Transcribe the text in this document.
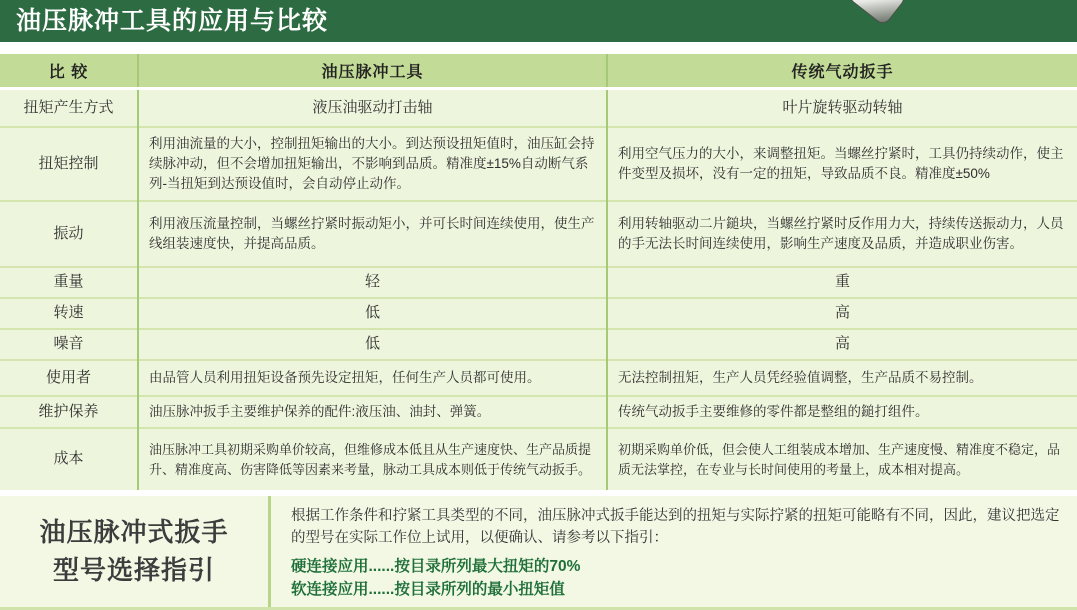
油压脉冲工具的应用与比较
比 较	油压脉冲工具	传统气动扳手
扭矩产生方式	液压油驱动打击轴	叶片旋转驱动转轴
扭矩控制	利用油流量的大小，控制扭矩输出的大小。到达预设扭矩值时，油压缸会持续脉冲动，但不会增加扭矩输出，不影响到品质。精准度±15%自动断气系列-当扭矩到达预设值时，会自动停止动作。	利用空气压力的大小，来调整扭矩。当螺丝拧紧时，工具仍持续动作，使主件变型及损坏，没有一定的扭矩，导致品质不良。精准度±50%
振动	利用液压流量控制，当螺丝拧紧时振动矩小，并可长时间连续使用，使生产线组装速度快，并提高品质。	利用转轴驱动二片鎚块，当螺丝拧紧时反作用力大，持续传送振动力，人员的手无法长时间连续使用，影响生产速度及品质，并造成职业伤害。
重量	轻	重
转速	低	高
噪音	低	高
使用者	由品管人员利用扭矩设备预先设定扭矩，任何生产人员都可使用。	无法控制扭矩，生产人员凭经验值调整，生产品质不易控制。
维护保养	油压脉冲扳手主要维护保养的配件:液压油、油封、弹簧。	传统气动扳手主要维修的零件都是整组的鎚打组件。
成本	油压脉冲工具初期采购单价较高，但维修成本低且从生产速度快、生产品质提升、精准度高、伤害降低等因素来考量，脉动工具成本则低于传统气动扳手。	初期采购单价低，但会使人工组装成本增加、生产速度慢、精准度不稳定，品质无法掌控，在专业与长时间使用的考量上，成本相对提高。
油压脉冲式扳手
型号选择指引

根据工作条件和拧紧工具类型的不同，油压脉冲式扳手能达到的扭矩与实际拧紧的扭矩可能略有不同，因此，建议把选定的型号在实际工作位上试用，以便确认、请参考以下指引：

硬连接应用......按目录所列最大扭矩的70%

软连接应用......按目录所列的最小扭矩值
